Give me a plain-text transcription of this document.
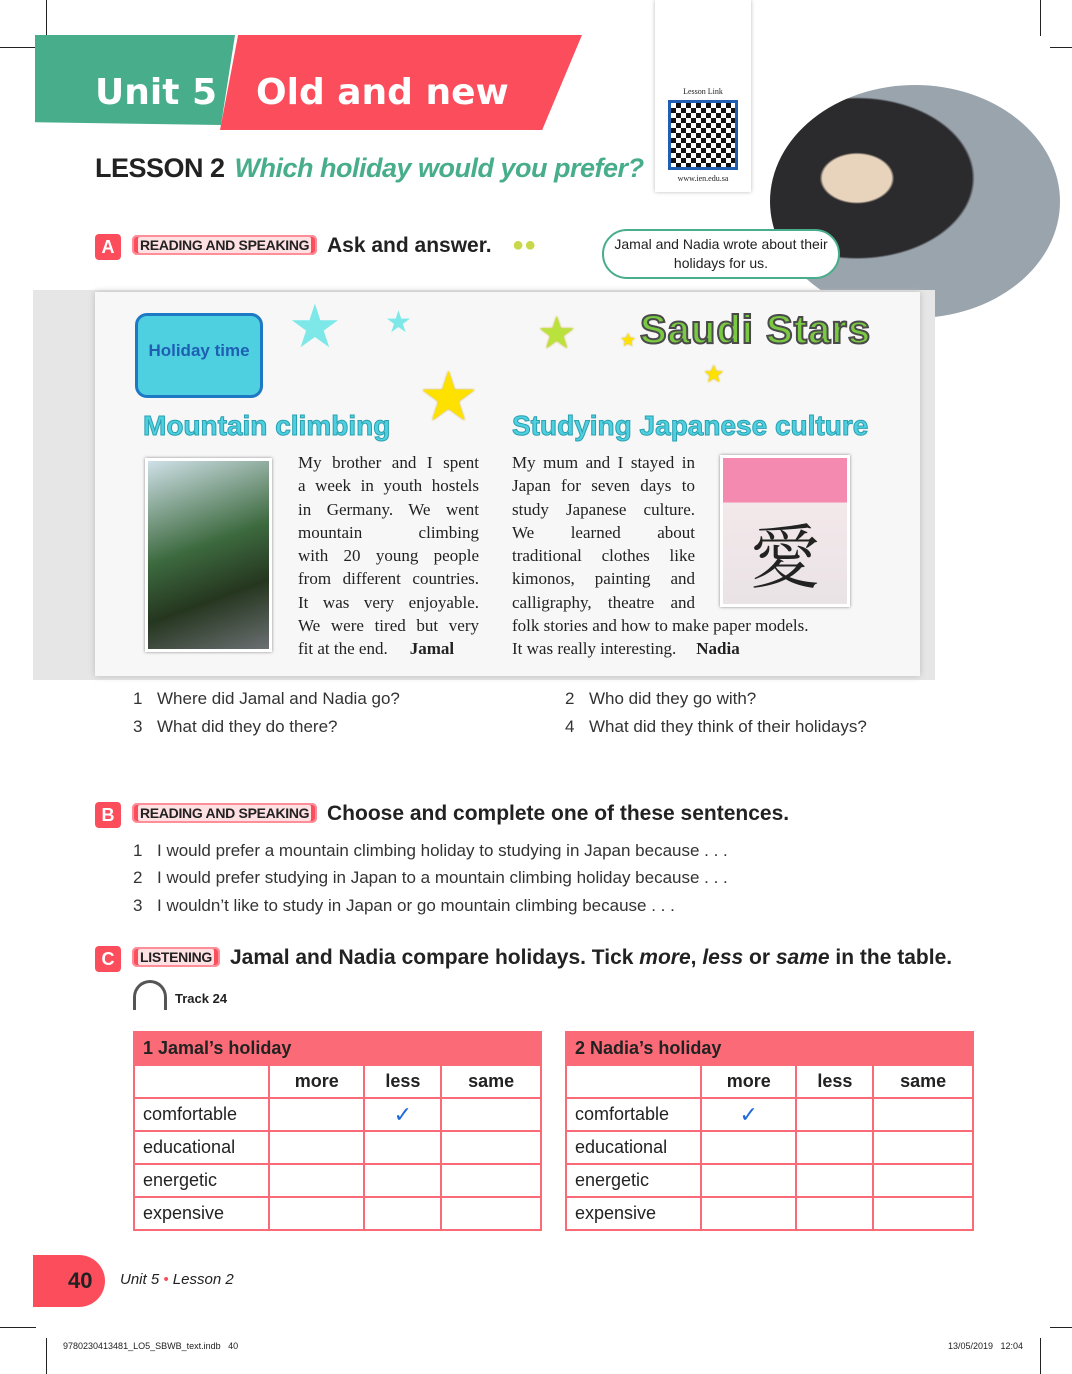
Unit 5 Old and new
LESSON 2 Which holiday would you prefer?
Lesson Link
www.ien.edu.sa
Jamal and Nadia wrote about their holidays for us.
A	READING AND SPEAKING Ask and answer. ●●
Holiday time ★ ★
★
★ ★
★
Saudi Stars
Mountain climbing
My brother and I spent
a week in youth hostels
in Germany. We went
mountain climbing
with 20 young people
from different countries.
It was very enjoyable.
We were tired but very
fit at the end. Jamal
Studying Japanese culture
愛
My mum and I stayed in
Japan for seven days to
study Japanese culture.
We learned about
traditional clothes like
kimonos, painting and
calligraphy, theatre and
folk stories and how to make paper models.
It was really interesting. Nadia
1 Where did Jamal and Nadia go?	2 Who did they go with?
3 What did they do there?	4 What did they think of their holidays?
B	READING AND SPEAKING Choose and complete one of these sentences.
1 I would prefer a mountain climbing holiday to studying in Japan because . . .
2 I would prefer studying in Japan to a mountain climbing holiday because . . .
3 I wouldn’t like to study in Japan or go mountain climbing because . . .
C	LISTENING Jamal and Nadia compare holidays. Tick more, less or same in the table.
Track 24
1 Jamal’s holiday			
	more	less	same
comfortable		✓	
educational			
energetic			
expensive			
2 Nadia’s holiday			
	more	less	same
comfortable	✓		
educational			
energetic			
expensive			
40 Unit 5 • Lesson 2
9780230413481_LO5_SBWB_text.indb   40	13/05/2019   12:04
